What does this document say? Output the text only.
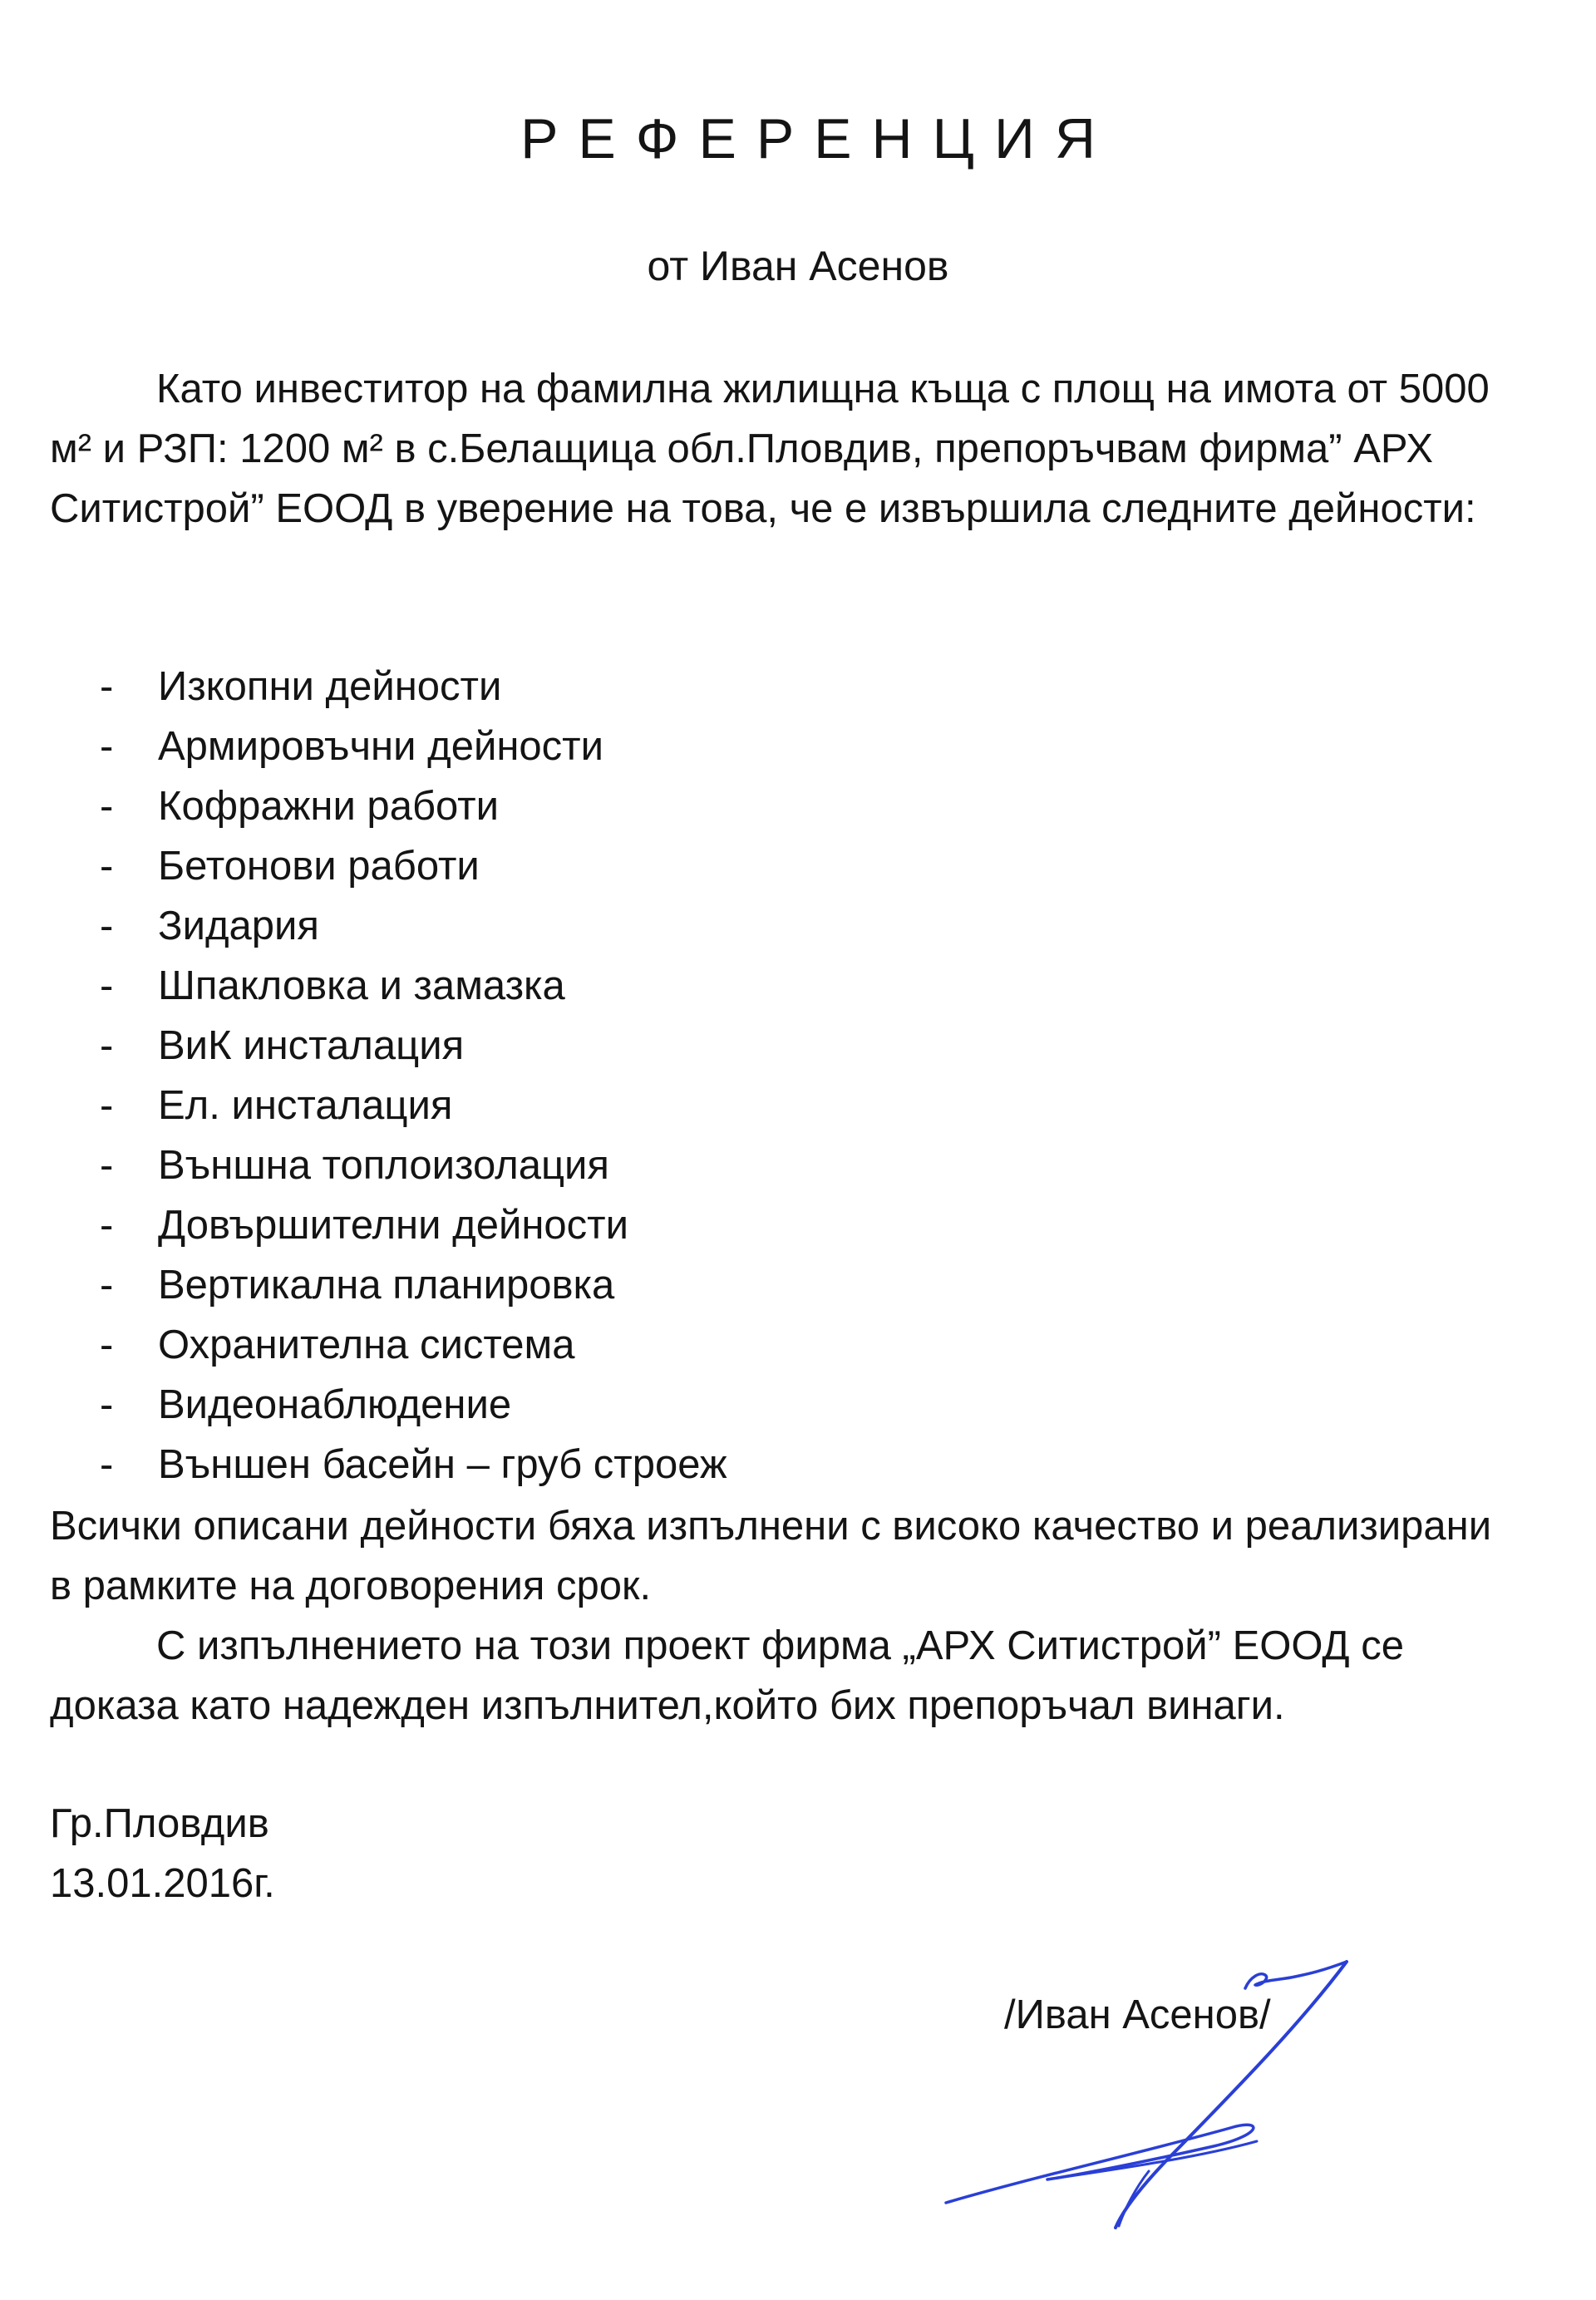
РЕФЕРЕНЦИЯ
от Иван Асенов

Като инвеститор на фамилна жилищна къща с площ на имота от 5000 м² и РЗП: 1200 м² в с.Белащица обл.Пловдив, препоръчвам фирма” АРХ Ситистрой” ЕООД в уверение на това, че е извършила следните дейности:

-	Изкопни дейности
-	Армировъчни дейности
-	Кофражни работи
-	Бетонови работи
-	Зидария
-	Шпакловка и замазка
-	ВиК инсталация
-	Ел. инсталация
-	Външна топлоизолация
-	Довършителни дейности
-	Вертикална планировка
-	Охранителна система
-	Видеонаблюдение
-	Външен басейн – груб строеж

Всички описани дейности бяха изпълнени с високо качество и реализирани в рамките на договорения срок.

С изпълнението на този проект фирма „АРХ Ситистрой” ЕООД се доказа като надежден изпълнител,който бих препоръчал винаги.

Гр.Пловдив

13.01.2016г.

/Иван Асенов/
